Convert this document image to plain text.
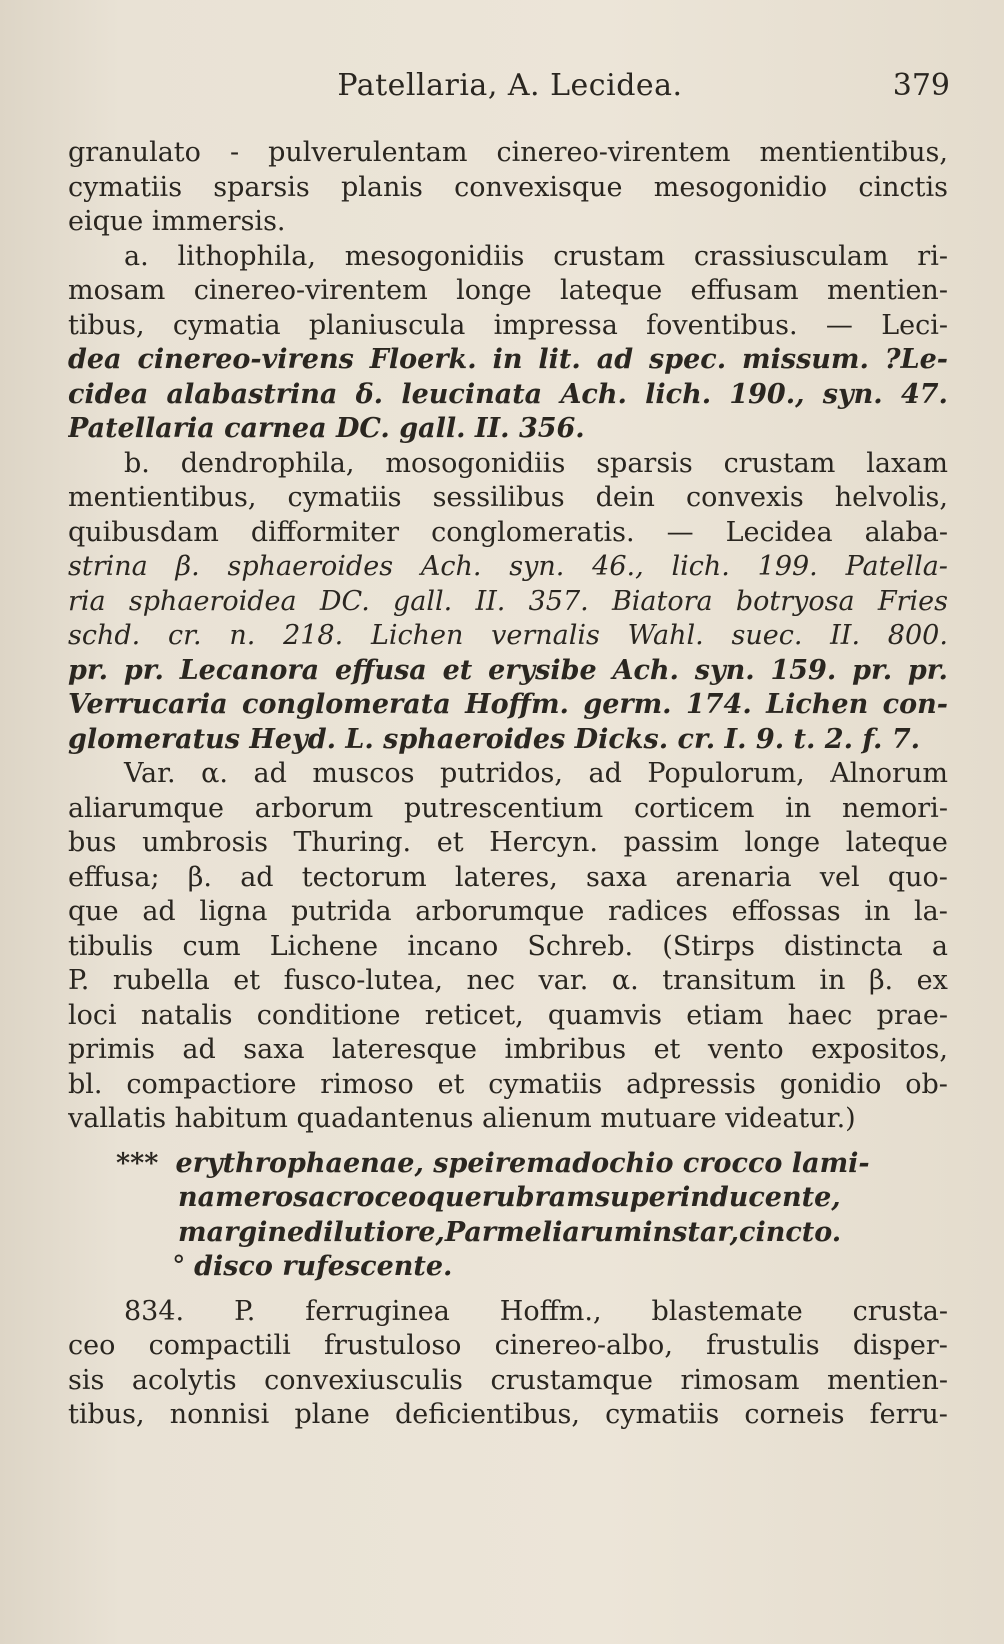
Patellaria, A. Lecidea.	379
granulato - pulverulentam cinereo-virentem mentientibus,
cymatiis sparsis planis convexisque mesogonidio cinctis
eique immersis.
a. lithophila, mesogonidiis crustam crassiusculam ri-
mosam cinereo-virentem longe lateque effusam mentien-
tibus, cymatia planiuscula impressa foventibus. — Leci-
dea cinereo-virens Floerk. in lit. ad spec. missum. ?Le-
cidea alabastrina δ. leucinata Ach. lich. 190., syn. 47.
Patellaria carnea DC. gall. II. 356.
b. dendrophila, mosogonidiis sparsis crustam laxam
mentientibus, cymatiis sessilibus dein convexis helvolis,
quibusdam difformiter conglomeratis. — Lecidea alaba-
strina β. sphaeroides Ach. syn. 46., lich. 199. Patella-
ria sphaeroidea DC. gall. II. 357. Biatora botryosa Fries
schd. cr. n. 218. Lichen vernalis Wahl. suec. II. 800.
pr. pr. Lecanora effusa et erysibe Ach. syn. 159. pr. pr.
Verrucaria conglomerata Hoffm. germ. 174. Lichen con-
glomeratus Heyd. L. sphaeroides Dicks. cr. I. 9. t. 2. f. 7.
Var. α. ad muscos putridos, ad Populorum, Alnorum
aliarumque arborum putrescentium corticem in nemori-
bus umbrosis Thuring. et Hercyn. passim longe lateque
effusa; β. ad tectorum lateres, saxa arenaria vel quo-
que ad ligna putrida arborumque radices effossas in la-
tibulis cum Lichene incano Schreb. (Stirps distincta a
P. rubella et fusco-lutea, nec var. α. transitum in β. ex
loci natalis conditione reticet, quamvis etiam haec prae-
primis ad saxa lateresque imbribus et vento expositos,
bl. compactiore rimoso et cymatiis adpressis gonidio ob-
vallatis habitum quadantenus alienum mutuare videatur.)
***
erythrophaenae, speiremadochio crocco lami-
nam e rosa croceoque rubram superinducente,
margine dilutiore, Parmeliarum instar, cincto.
°
disco rufescente.
834. P. ferruginea Hoffm., blastemate crusta-
ceo compactili frustuloso cinereo-albo, frustulis disper-
sis acolytis convexiusculis crustamque rimosam mentien-
tibus, nonnisi plane deficientibus, cymatiis corneis ferru-
